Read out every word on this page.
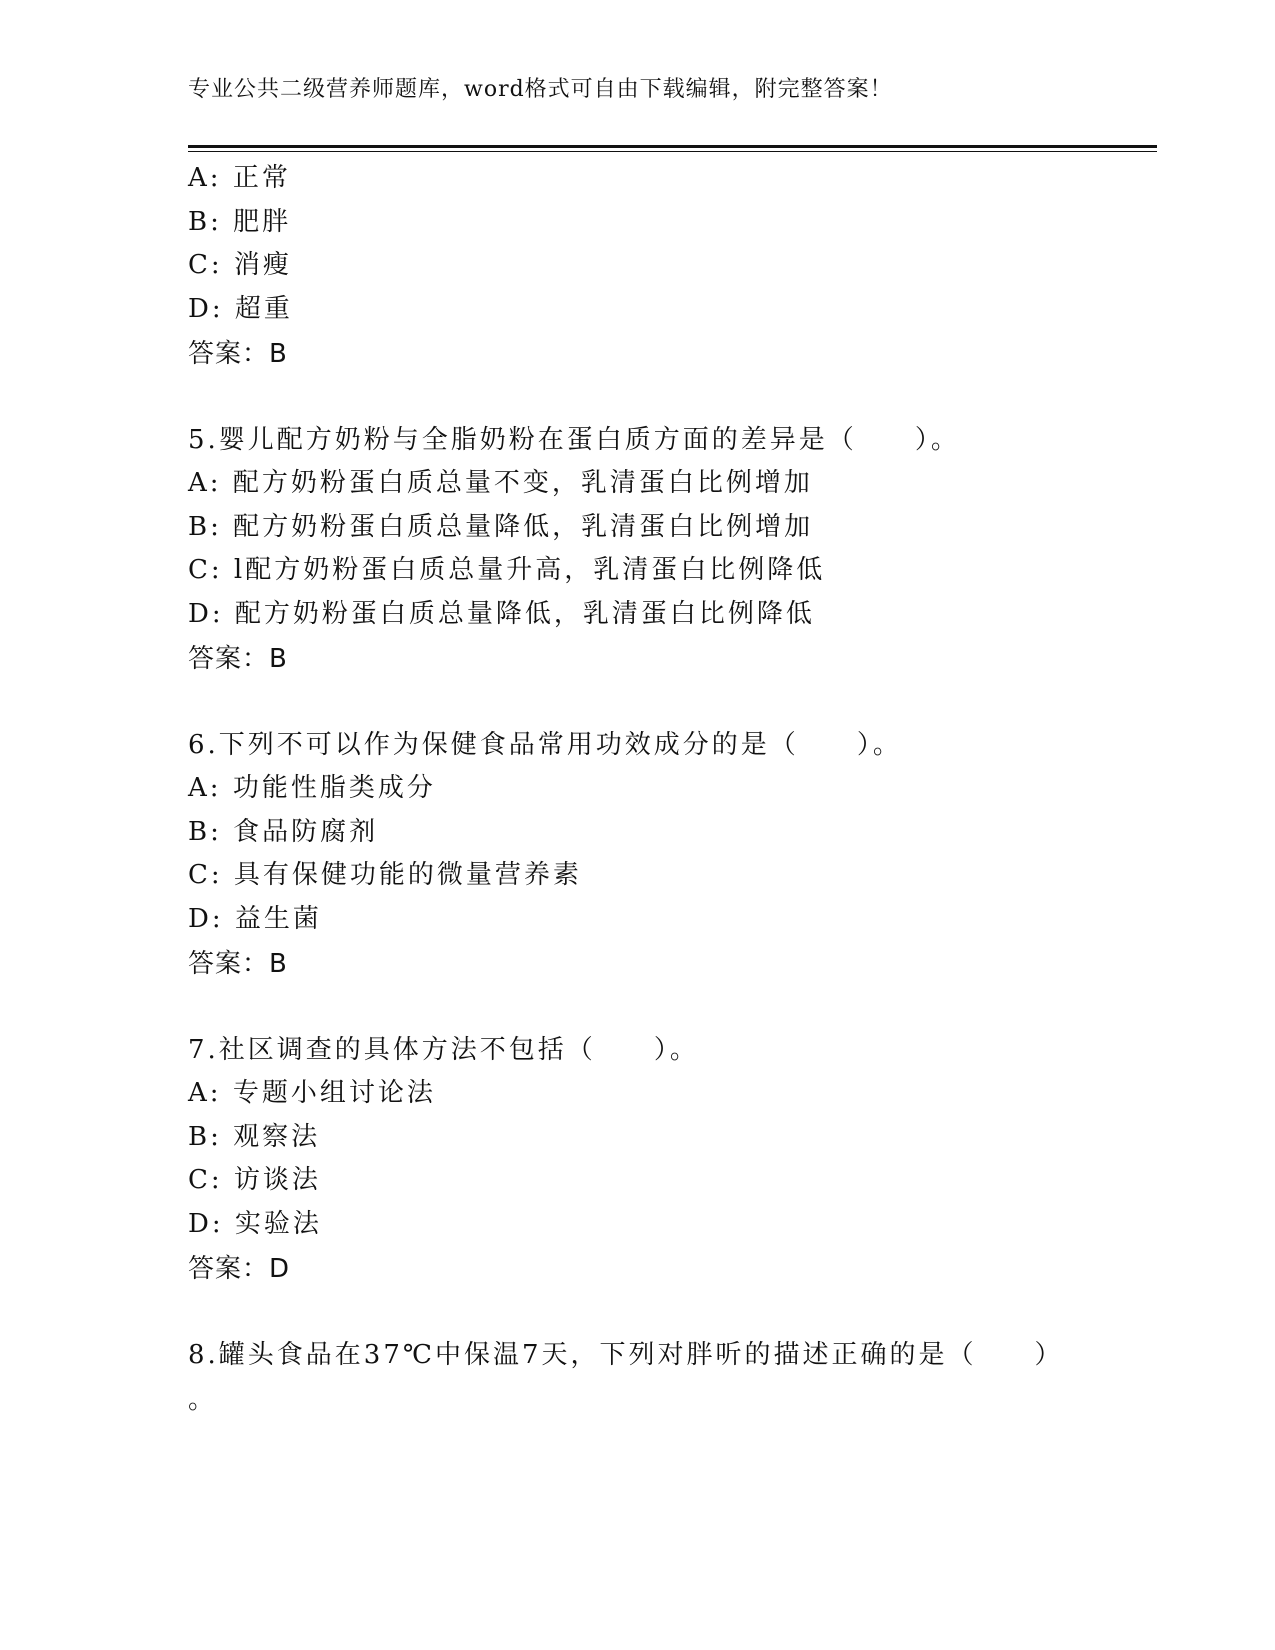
专业公共二级营养师题库，word格式可自由下载编辑，附完整答案！
A: 正常
B: 肥胖
C: 消瘦
D: 超重
答案：B
5.婴儿配方奶粉与全脂奶粉在蛋白质方面的差异是（ ）。
A: 配方奶粉蛋白质总量不变，乳清蛋白比例增加
B: 配方奶粉蛋白质总量降低，乳清蛋白比例增加
C: l配方奶粉蛋白质总量升高，乳清蛋白比例降低
D: 配方奶粉蛋白质总量降低，乳清蛋白比例降低
答案：B
6.下列不可以作为保健食品常用功效成分的是（ ）。
A: 功能性脂类成分
B: 食品防腐剂
C: 具有保健功能的微量营养素
D: 益生菌
答案：B
7.社区调查的具体方法不包括（ ）。
A: 专题小组讨论法
B: 观察法
C: 访谈法
D: 实验法
答案：D
8.罐头食品在37℃中保温7天，下列对胖听的描述正确的是（ ）
。
